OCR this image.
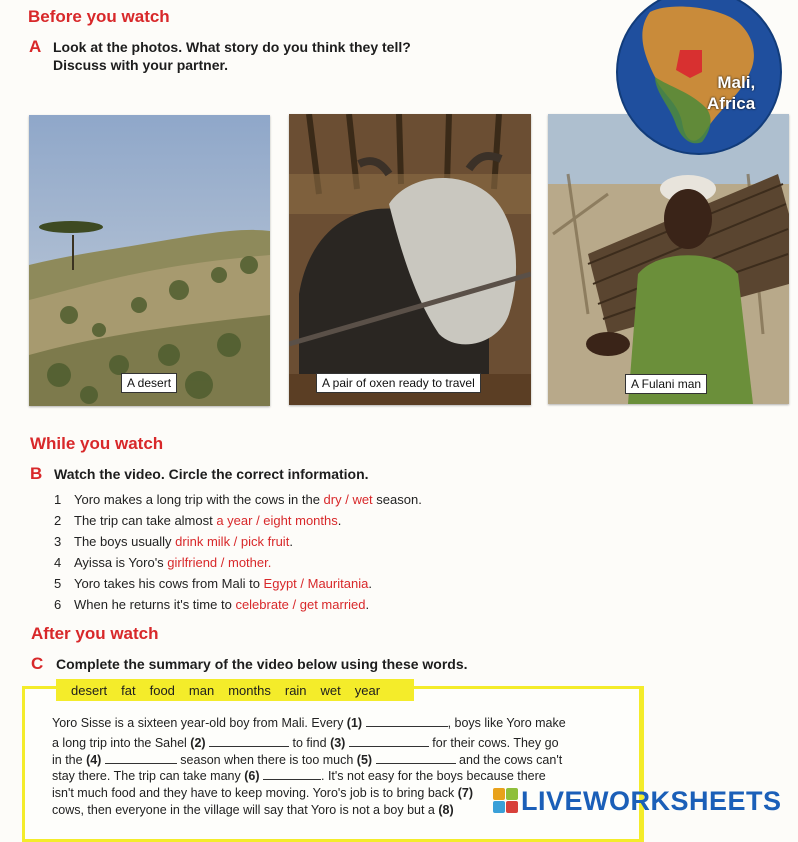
Before you watch
A Look at the photos. What story do you think they tell?
Discuss with your partner.
A desert	A pair of oxen ready to travel	A Fulani man
Mali,
Africa
While you watch
B Watch the video. Circle the correct information.
1 Yoro makes a long trip with the cows in the dry / wet season.
2 The trip can take almost a year / eight months.
3 The boys usually drink milk / pick fruit.
4 Ayissa is Yoro's girlfriend / mother.
5 Yoro takes his cows from Mali to Egypt / Mauritania.
6 When he returns it's time to celebrate / get married.
After you watch
C Complete the summary of the video below using these words.
desert fat food man months rain wet year
Yoro Sisse is a sixteen year-old boy from Mali. Every (1)	, boys like Yoro make
a long trip into the Sahel (2)	to find (3)	for their cows. They go
in the (4)	season when there is too much (5)	and the cows can't
stay there. The trip can take many (6)	. It's not easy for the boys because there
isn't much food and they have to keep moving. Yoro's job is to bring back (7)
cows, then everyone in the village will say that Yoro is not a boy but a (8) LIVEWORKSHEETS
